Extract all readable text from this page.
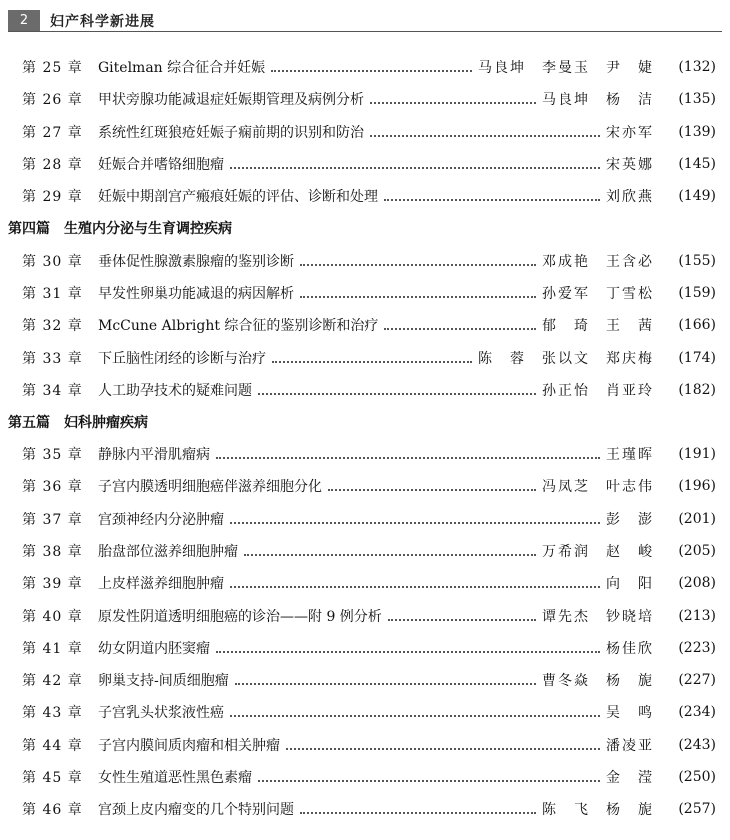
2	妇产科学新进展
第 25 章	Gitelman 综合征合并妊娠	马良坤　李曼玉　尹　婕	(132)
第 26 章	甲状旁腺功能减退症妊娠期管理及病例分析	马良坤　杨　洁	(135)
第 27 章	系统性红斑狼疮妊娠子痫前期的识别和防治	宋亦军	(139)
第 28 章	妊娠合并嗜铬细胞瘤	宋英娜	(145)
第 29 章	妊娠中期剖宫产瘢痕妊娠的评估、诊断和处理	刘欣燕	(149)
第四篇 生殖内分泌与生育调控疾病
第 30 章	垂体促性腺激素腺瘤的鉴别诊断	邓成艳　王含必	(155)
第 31 章	早发性卵巢功能减退的病因解析	孙爱军　丁雪松	(159)
第 32 章	McCune Albright 综合征的鉴别诊断和治疗	郁　琦　王　茜	(166)
第 33 章	下丘脑性闭经的诊断与治疗	陈　蓉　张以文　郑庆梅	(174)
第 34 章	人工助孕技术的疑难问题	孙正怡　肖亚玲	(182)
第五篇 妇科肿瘤疾病
第 35 章	静脉内平滑肌瘤病	王瑾晖	(191)
第 36 章	子宫内膜透明细胞癌伴滋养细胞分化	冯凤芝　叶志伟	(196)
第 37 章	宫颈神经内分泌肿瘤	彭　澎	(201)
第 38 章	胎盘部位滋养细胞肿瘤	万希润　赵　峻	(205)
第 39 章	上皮样滋养细胞肿瘤	向　阳	(208)
第 40 章	原发性阴道透明细胞癌的诊治——附 9 例分析	谭先杰　钞晓培	(213)
第 41 章	幼女阴道内胚窦瘤	杨佳欣	(223)
第 42 章	卵巢支持-间质细胞瘤	曹冬焱　杨　旎	(227)
第 43 章	子宫乳头状浆液性癌	吴　鸣	(234)
第 44 章	子宫内膜间质肉瘤和相关肿瘤	潘凌亚	(243)
第 45 章	女性生殖道恶性黑色素瘤	金　滢	(250)
第 46 章	宫颈上皮内瘤变的几个特别问题	陈　飞　杨　旎	(257)
